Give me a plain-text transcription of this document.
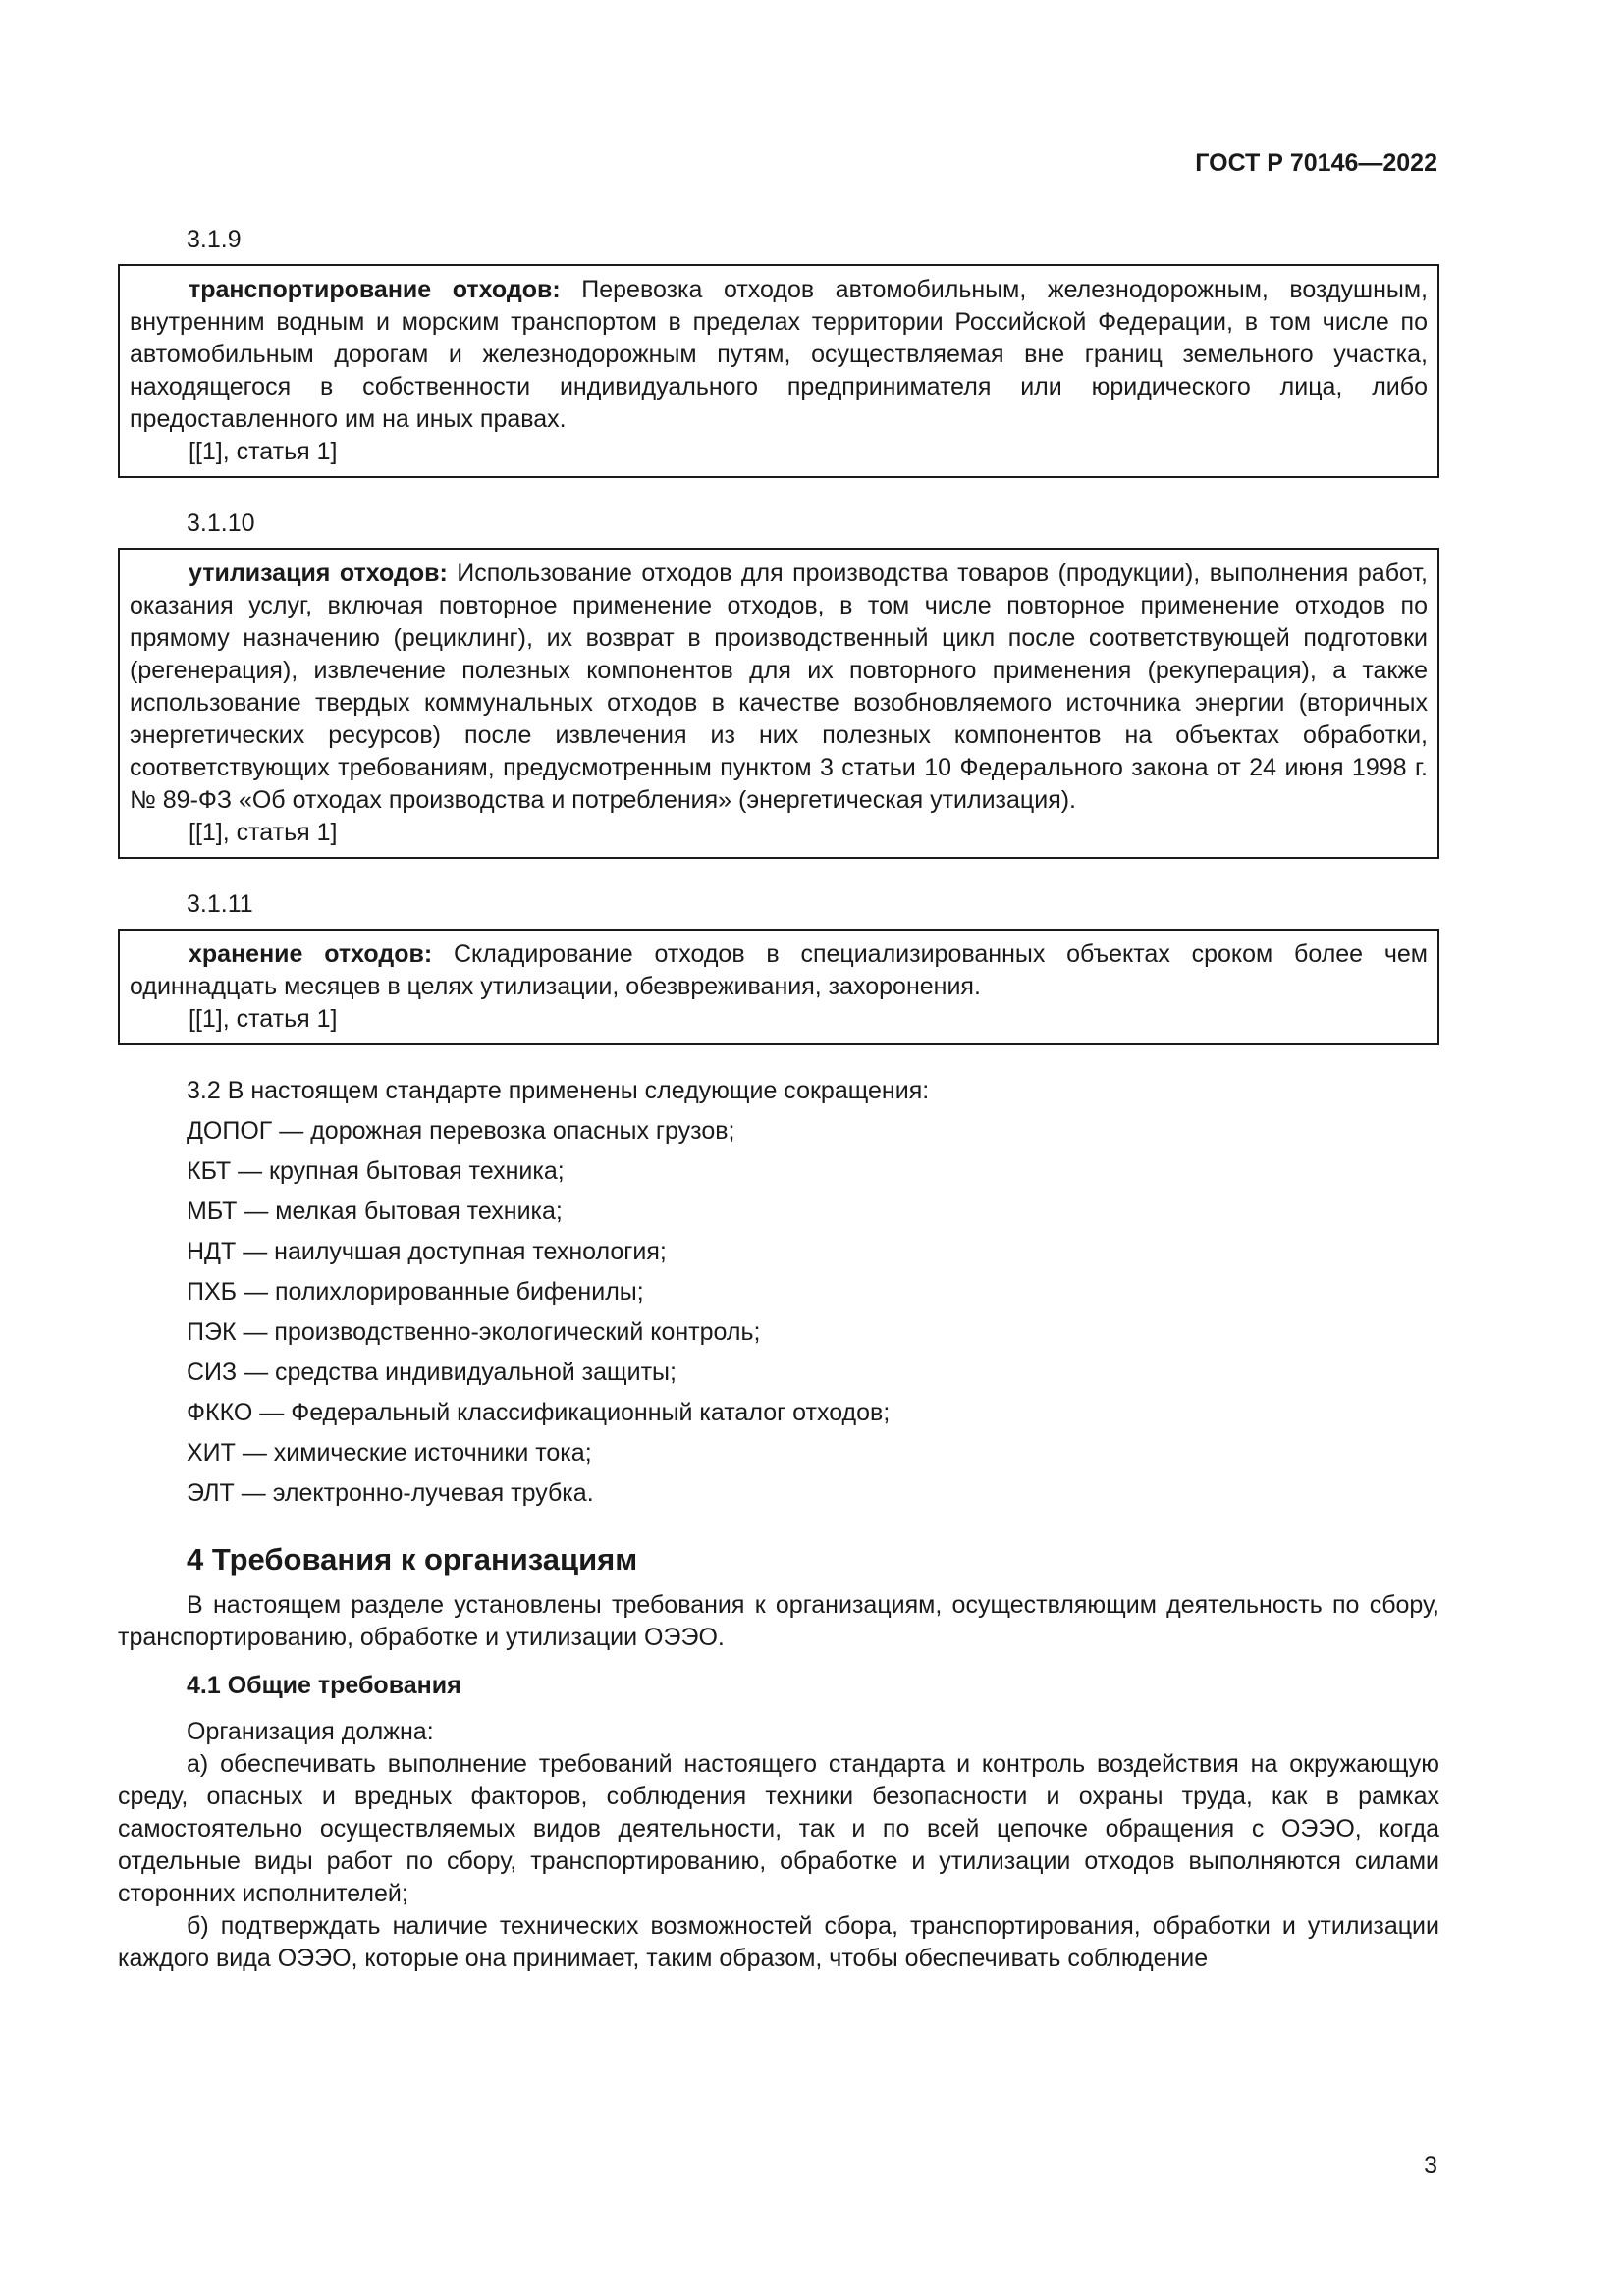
ГОСТ Р 70146—2022
3.1.9

транспортирование отходов: Перевозка отходов автомобильным, железнодорожным, воздушным, внутренним водным и морским транспортом в пределах территории Российской Федерации, в том числе по автомобильным дорогам и железнодорожным путям, осуществляемая вне границ земельного участка, находящегося в собственности индивидуального предпринимателя или юридического лица, либо предоставленного им на иных правах.

[[1], статья 1]
3.1.10

утилизация отходов: Использование отходов для производства товаров (продукции), выполнения работ, оказания услуг, включая повторное применение отходов, в том числе повторное применение отходов по прямому назначению (рециклинг), их возврат в производственный цикл после соответствующей подготовки (регенерация), извлечение полезных компонентов для их повторного применения (рекуперация), а также использование твердых коммунальных отходов в качестве возобновляемого источника энергии (вторичных энергетических ресурсов) после извлечения из них полезных компонентов на объектах обработки, соответствующих требованиям, предусмотренным пунктом 3 статьи 10 Федерального закона от 24 июня 1998 г. № 89-ФЗ «Об отходах производства и потребления» (энергетическая утилизация).

[[1], статья 1]
3.1.11

хранение отходов: Складирование отходов в специализированных объектах сроком более чем одиннадцать месяцев в целях утилизации, обезвреживания, захоронения.

[[1], статья 1]
3.2 В настоящем стандарте применены следующие сокращения:
ДОПОГ — дорожная перевозка опасных грузов;
КБТ — крупная бытовая техника;
МБТ — мелкая бытовая техника;
НДТ — наилучшая доступная технология;
ПХБ — полихлорированные бифенилы;
ПЭК — производственно-экологический контроль;
СИЗ — средства индивидуальной защиты;
ФККО — Федеральный классификационный каталог отходов;
ХИТ — химические источники тока;
ЭЛТ — электронно-лучевая трубка.
4 Требования к организациям

В настоящем разделе установлены требования к организациям, осуществляющим деятельность по сбору, транспортированию, обработке и утилизации ОЭЭО.

4.1 Общие требования

Организация должна:

а) обеспечивать выполнение требований настоящего стандарта и контроль воздействия на окружающую среду, опасных и вредных факторов, соблюдения техники безопасности и охраны труда, как в рамках самостоятельно осуществляемых видов деятельности, так и по всей цепочке обращения с ОЭЭО, когда отдельные виды работ по сбору, транспортированию, обработке и утилизации отходов выполняются силами сторонних исполнителей;

б) подтверждать наличие технических возможностей сбора, транспортирования, обработки и утилизации каждого вида ОЭЭО, которые она принимает, таким образом, чтобы обеспечивать соблюдение

3
